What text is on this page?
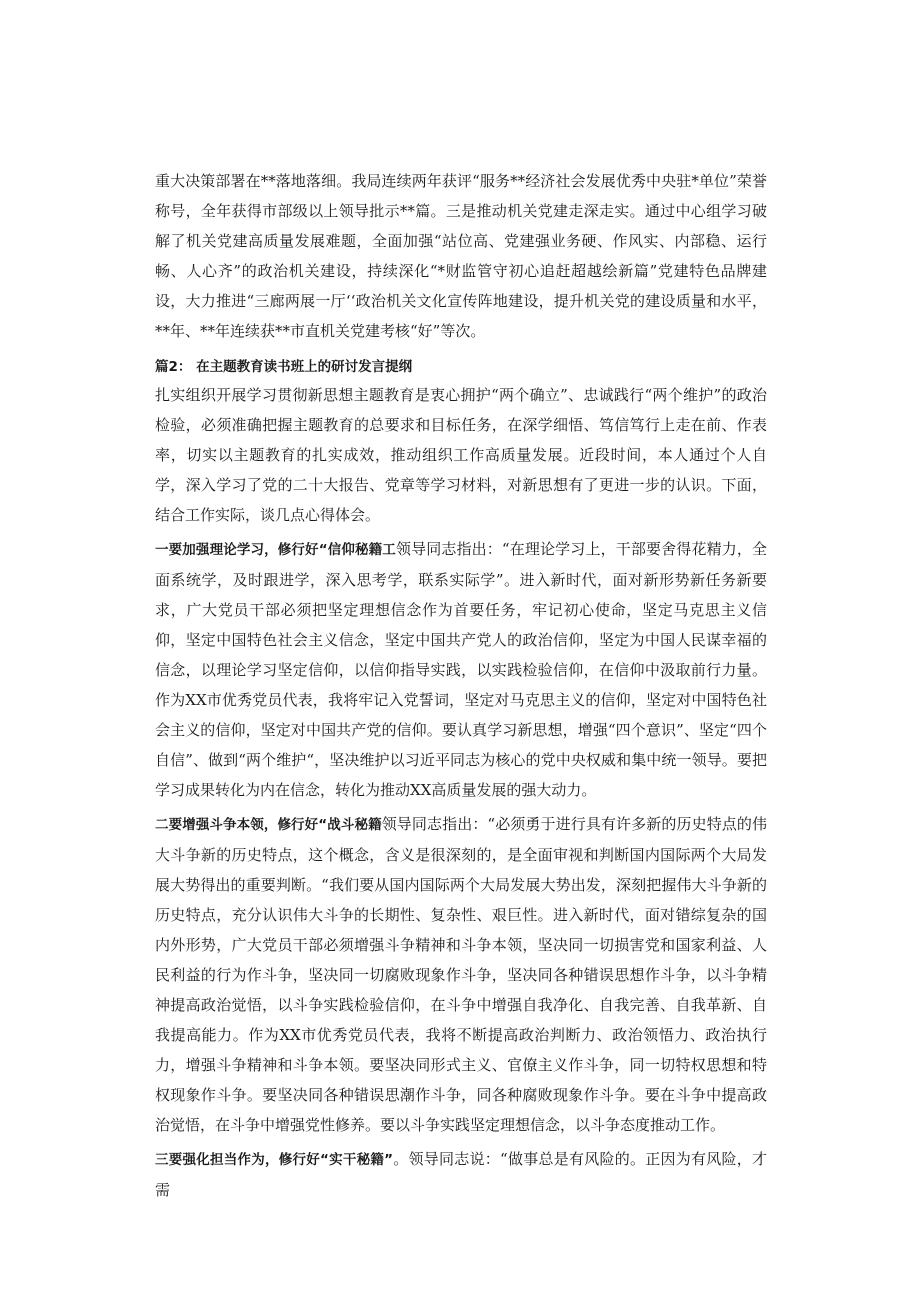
重大决策部署在**落地落细。我局连续两年获评“服务**经济社会发展优秀中央驻*单位”荣誉称号，全年获得市部级以上领导批示**篇。三是推动机关党建走深走实。通过中心组学习破解了机关党建高质量发展难题，全面加强“站位高、党建强业务硬、作风实、内部稳、运行畅、人心齐”的政治机关建设，持续深化“*财监管守初心追赶超越绘新篇”党建特色品牌建设，大力推进“三廊两展一厅‘‘政治机关文化宣传阵地建设，提升机关党的建设质量和水平，**年、**年连续获**市直机关党建考核“好”等次。

篇2： 在主题教育读书班上的研讨发言提纲

扎实组织开展学习贯彻新思想主题教育是衷心拥护“两个确立”、忠诚践行“两个维护”的政治检验，必须准确把握主题教育的总要求和目标任务，在深学细悟、笃信笃行上走在前、作表率，切实以主题教育的扎实成效，推动组织工作高质量发展。近段时间，本人通过个人自学，深入学习了党的二十大报告、党章等学习材料，对新思想有了更进一步的认识。下面，结合工作实际，谈几点心得体会。

一要加强理论学习，修行好“信仰秘籍工领导同志指出：“在理论学习上，干部要舍得花精力，全面系统学，及时跟进学，深入思考学，联系实际学”。进入新时代，面对新形势新任务新要求，广大党员干部必须把坚定理想信念作为首要任务，牢记初心使命，坚定马克思主义信仰，坚定中国特色社会主义信念，坚定中国共产党人的政治信仰，坚定为中国人民谋幸福的信念，以理论学习坚定信仰，以信仰指导实践，以实践检验信仰，在信仰中汲取前行力量。作为XX市优秀党员代表，我将牢记入党誓词，坚定对马克思主义的信仰，坚定对中国特色社会主义的信仰，坚定对中国共产党的信仰。要认真学习新思想，增强“四个意识”、坚定“四个自信”、做到“两个维护“，坚决维护以习近平同志为核心的党中央权威和集中统一领导。要把学习成果转化为内在信念，转化为推动XX高质量发展的强大动力。

二要增强斗争本领，修行好“战斗秘籍领导同志指出：“必须勇于进行具有许多新的历史特点的伟大斗争新的历史特点，这个概念，含义是很深刻的，是全面审视和判断国内国际两个大局发展大势得出的重要判断。“我们要从国内国际两个大局发展大势出发，深刻把握伟大斗争新的历史特点，充分认识伟大斗争的长期性、复杂性、艰巨性。进入新时代，面对错综复杂的国内外形势，广大党员干部必须增强斗争精神和斗争本领，坚决同一切损害党和国家利益、人民利益的行为作斗争，坚决同一切腐败现象作斗争，坚决同各种错误思想作斗争，以斗争精神提高政治觉悟，以斗争实践检验信仰，在斗争中增强自我净化、自我完善、自我革新、自我提高能力。作为XX市优秀党员代表，我将不断提高政治判断力、政治领悟力、政治执行力，增强斗争精神和斗争本领。要坚决同形式主义、官僚主义作斗争，同一切特权思想和特权现象作斗争。要坚决同各种错误思潮作斗争，同各种腐败现象作斗争。要在斗争中提高政治觉悟，在斗争中增强党性修养。要以斗争实践坚定理想信念，以斗争态度推动工作。

三要强化担当作为，修行好“实干秘籍”。领导同志说：“做事总是有风险的。正因为有风险，才需
